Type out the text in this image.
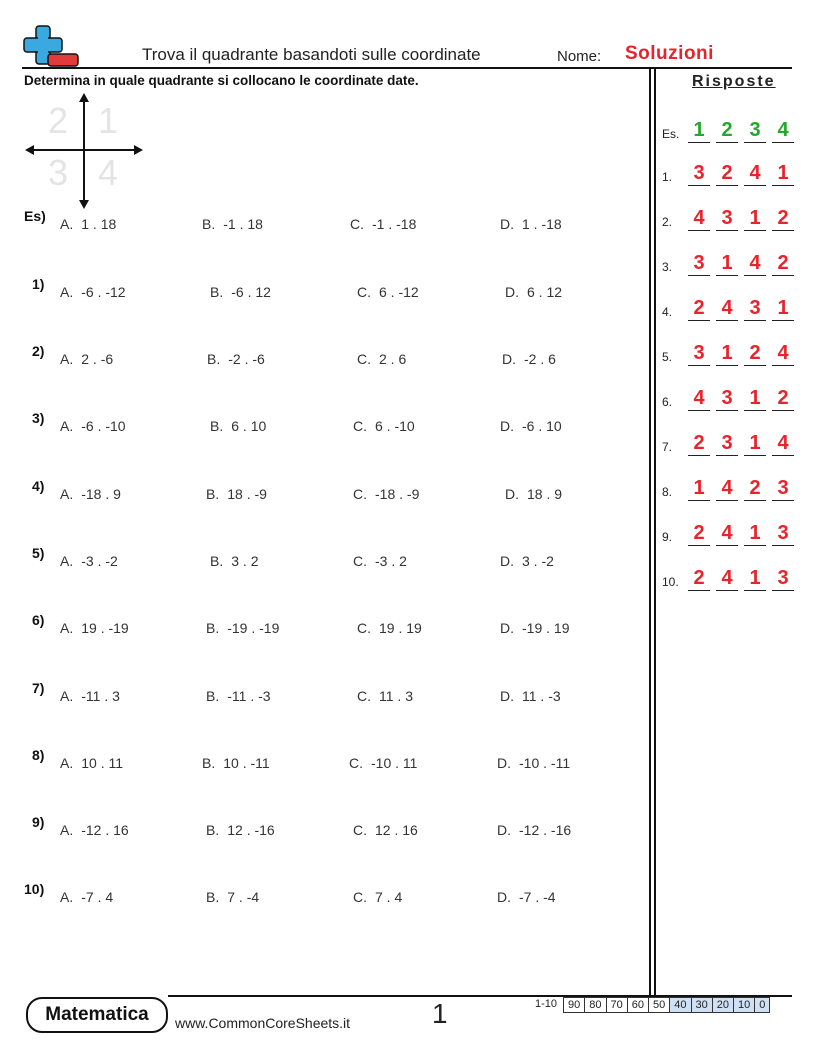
Trova il quadrante basandoti sulle coordinate	Nome: Soluzioni
Determina in quale quadrante si collocano le coordinate date.	Risposte
2 1
3 4
Es) A. 1 . 18	B. -1 . 18	C. -1 . -18	D. 1 . -18
1) A. -6 . -12	B. -6 . 12	C. 6 . -12	D. 6 . 12
2) A. 2 . -6	B. -2 . -6	C. 2 . 6	D. -2 . 6
3) A. -6 . -10	B. 6 . 10	C. 6 . -10	D. -6 . 10
4) A. -18 . 9	B. 18 . -9	C. -18 . -9	D. 18 . 9
5) A. -3 . -2	B. 3 . 2	C. -3 . 2	D. 3 . -2
6) A. 19 . -19	B. -19 . -19	C. 19 . 19	D. -19 . 19
7) A. -11 . 3	B. -11 . -3	C. 11 . 3	D. 11 . -3
8) A. 10 . 11	B. 10 . -11	C. -10 . 11	D. -10 . -11
9) A. -12 . 16	B. 12 . -16	C. 12 . 16	D. -12 . -16
10) A. -7 . 4	B. 7 . -4	C. 7 . 4	D. -7 . -4
Es. 1 2 3 4
1. 3 2 4 1
2. 4 3 1 2
3. 3 1 4 2
4. 2 4 3 1
5. 3 1 2 4
6. 4 3 1 2
7. 2 3 1 4
8. 1 4 2 3
9. 2 4 1 3
10. 2 4 1 3
Matematica	www.CommonCoreSheets.it	1	1-10 90	80	70	60	50	40	30	20	10	0
